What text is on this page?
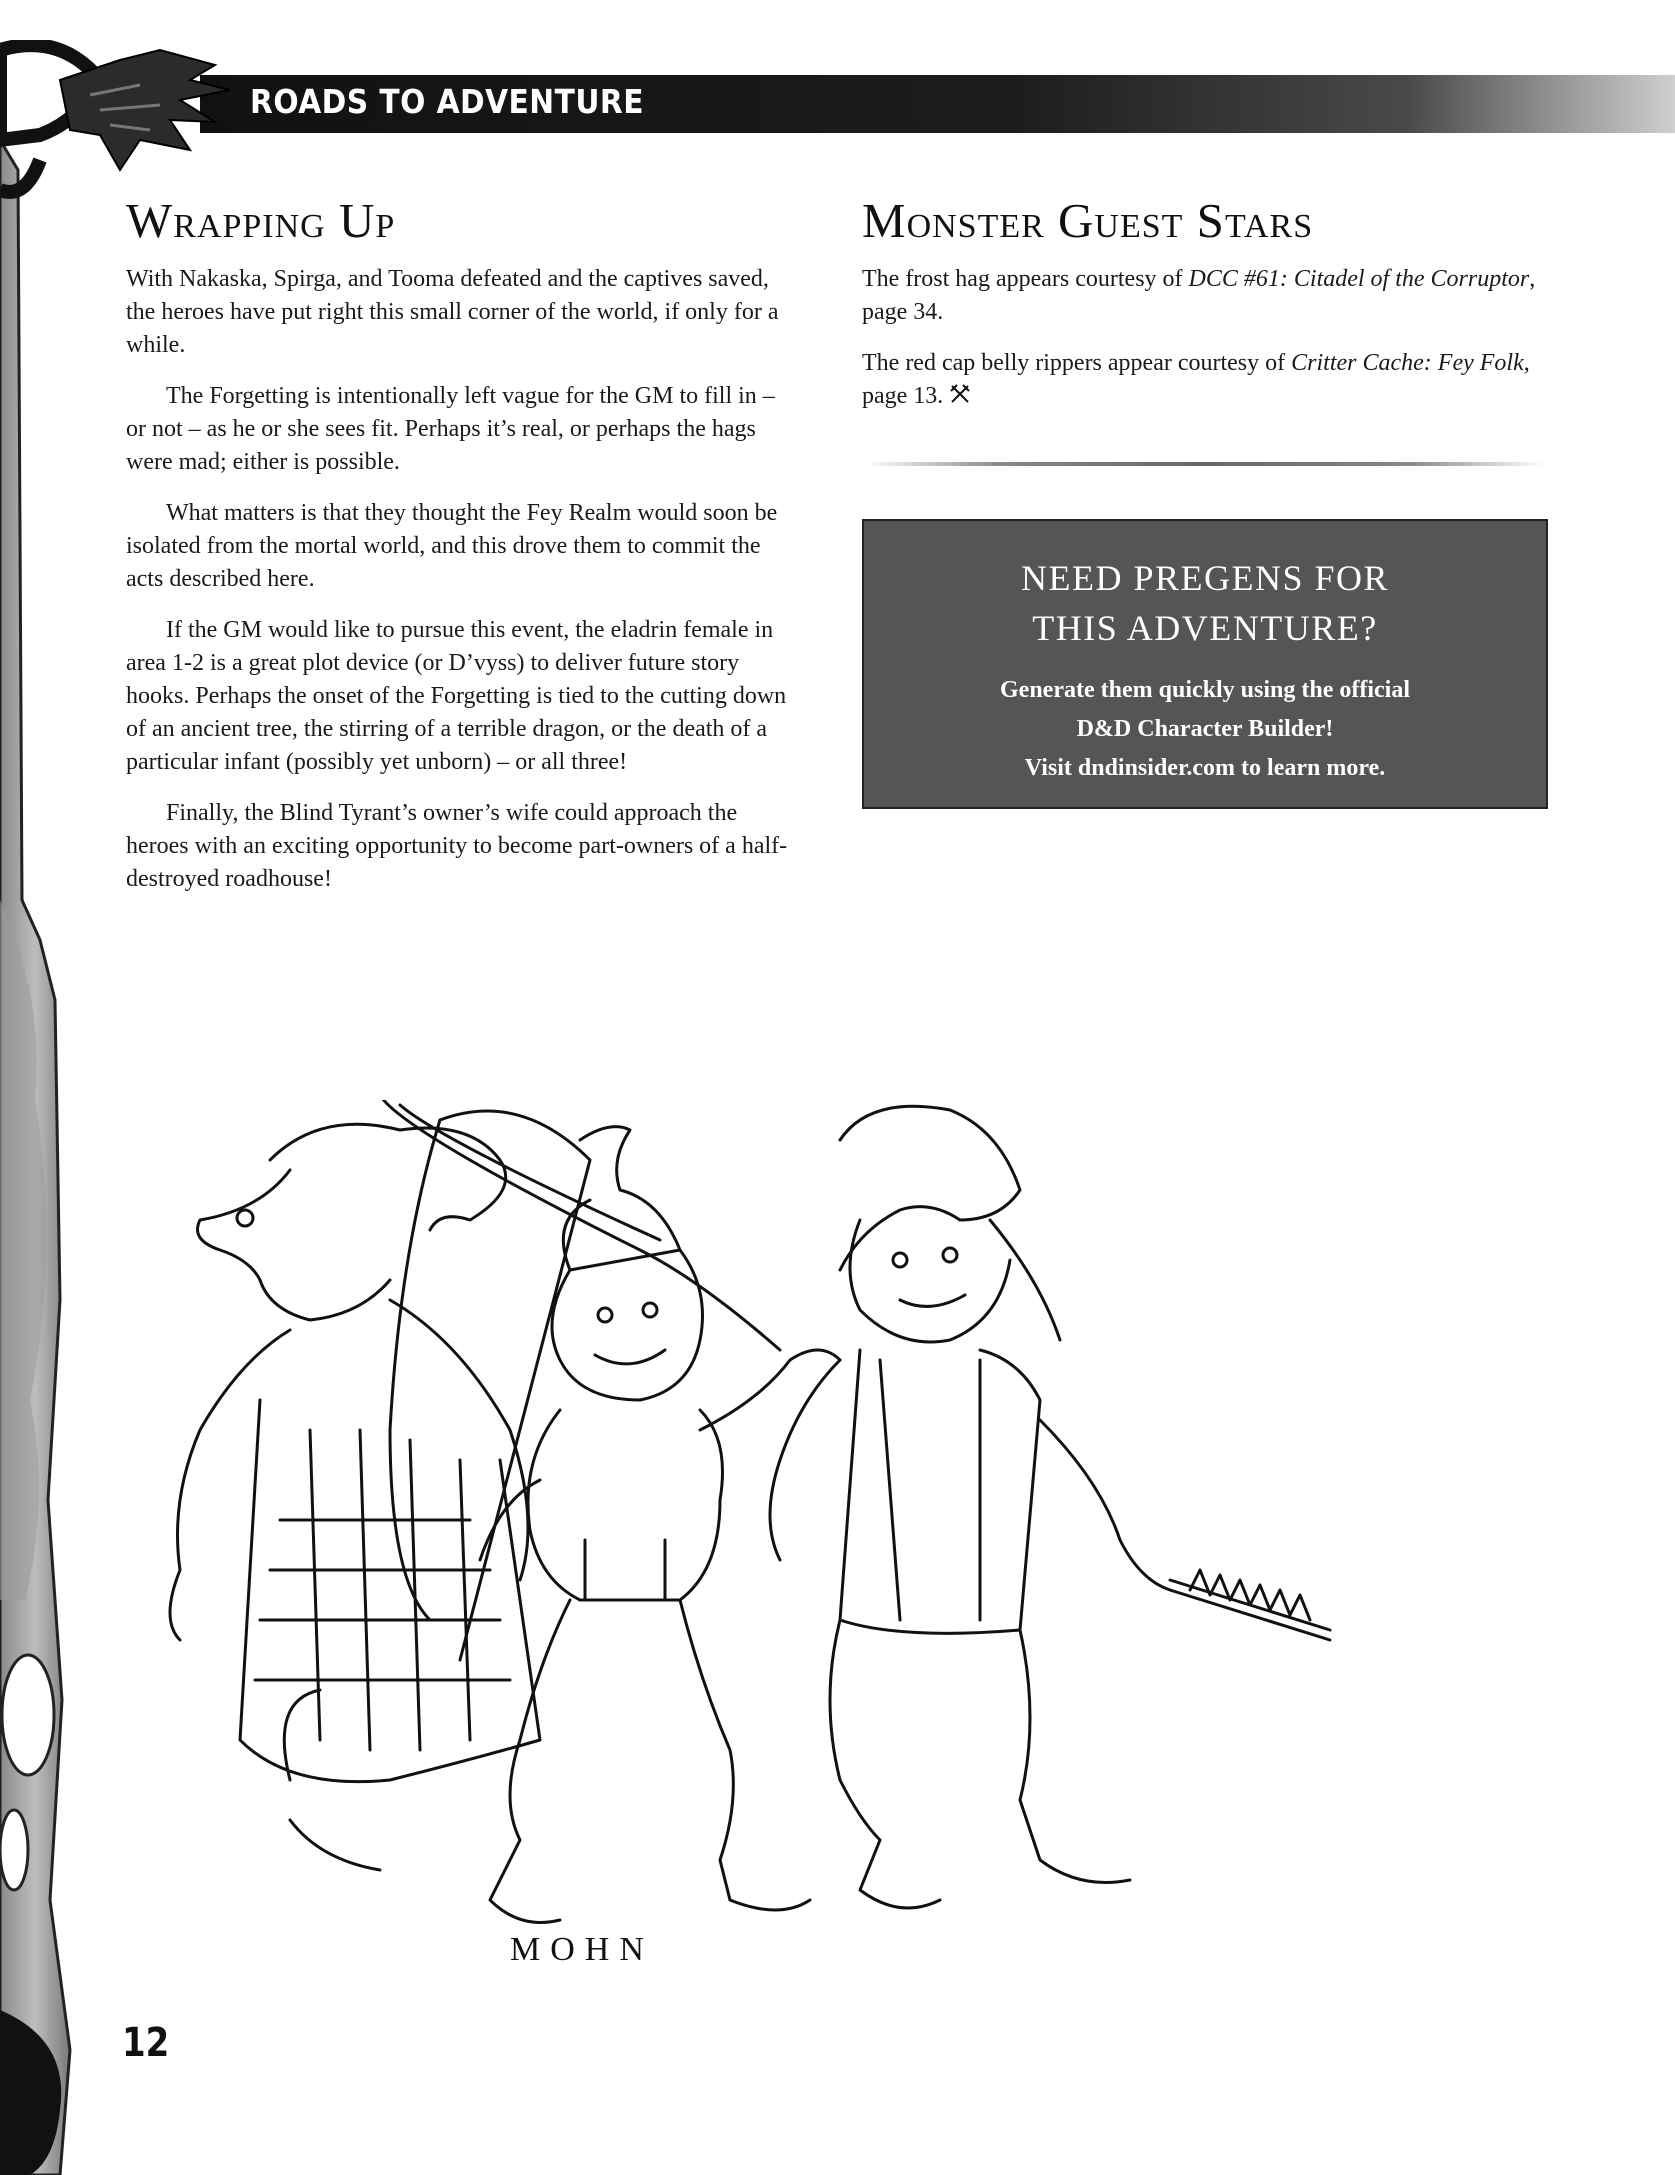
ROADS TO ADVENTURE
Wrapping Up

With Nakaska, Spirga, and Tooma defeated and the captives saved, the heroes have put right this small corner of the world, if only for a while.

The Forgetting is intentionally left vague for the GM to fill in – or not – as he or she sees fit. Perhaps it’s real, or perhaps the hags were mad; either is possible.

What matters is that they thought the Fey Realm would soon be isolated from the mortal world, and this drove them to commit the acts described here.

If the GM would like to pursue this event, the eladrin female in area 1-2 is a great plot device (or D’vyss) to deliver future story hooks. Perhaps the onset of the Forgetting is tied to the cutting down of an ancient tree, the stirring of a terrible dragon, or the death of a particular infant (possibly yet unborn) – or all three!

Finally, the Blind Tyrant’s owner’s wife could approach the heroes with an exciting opportunity to become part-owners of a half-destroyed roadhouse!

Monster Guest Stars

The frost hag appears courtesy of DCC #61: Citadel of the Corruptor, page 34.

The red cap belly rippers appear courtesy of Critter Cache: Fey Folk, page 13.

NEED PREGENS FOR
THIS ADVENTURE?
Generate them quickly using the official
D&D Character Builder!
Visit dndinsider.com to learn more.
MOHN
12
